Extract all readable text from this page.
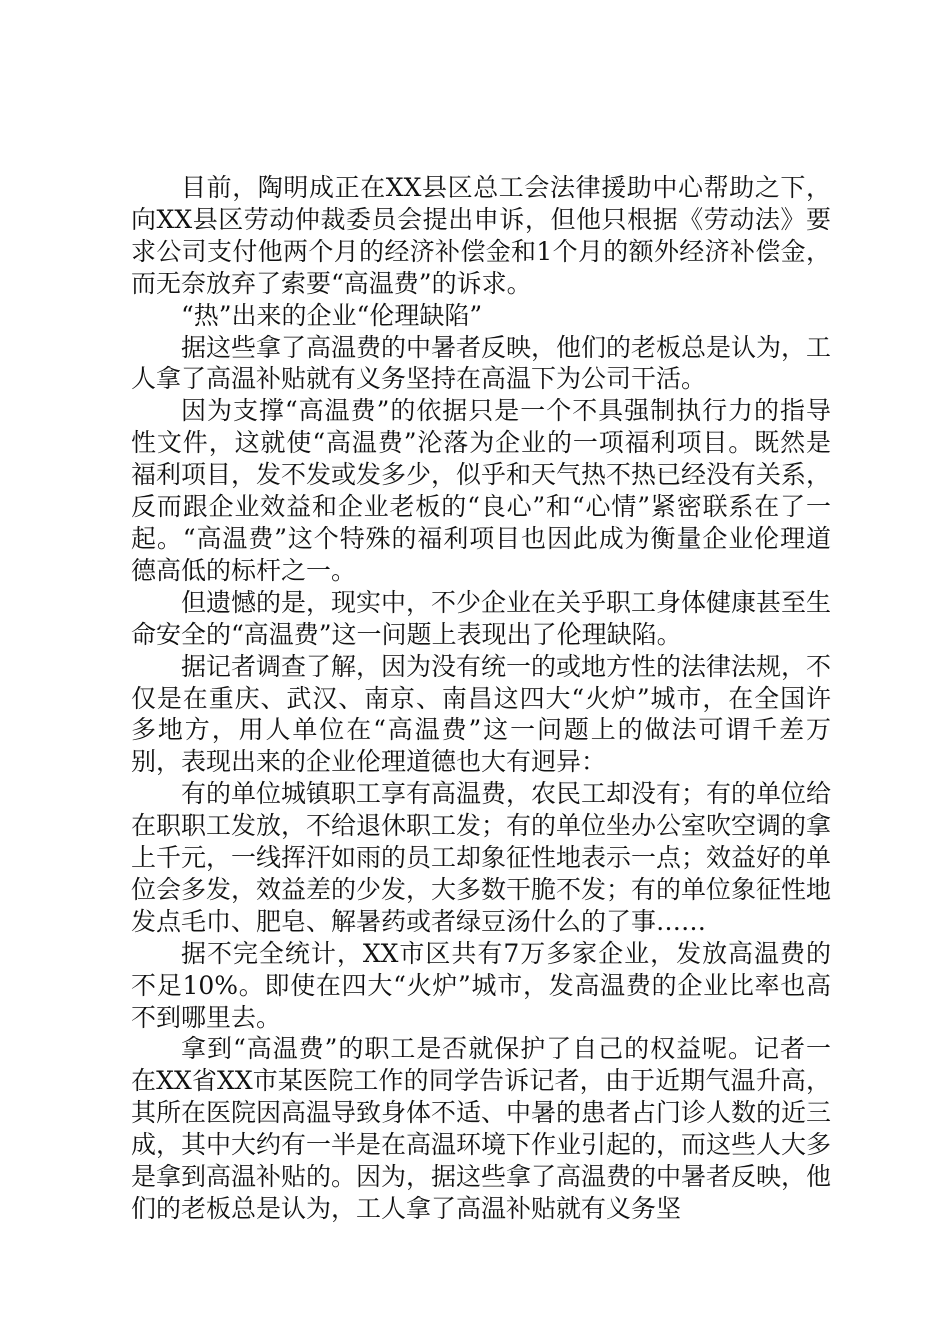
目前，陶明成正在XX县区总工会法律援助中心帮助之下，向XX县区劳动仲裁委员会提出申诉，但他只根据《劳动法》要求公司支付他两个月的经济补偿金和1个月的额外经济补偿金，而无奈放弃了索要“高温费”的诉求。

“热”出来的企业“伦理缺陷”

据这些拿了高温费的中暑者反映，他们的老板总是认为，工人拿了高温补贴就有义务坚持在高温下为公司干活。

因为支撑“高温费”的依据只是一个不具强制执行力的指导性文件，这就使“高温费”沦落为企业的一项福利项目。既然是福利项目，发不发或发多少，似乎和天气热不热已经没有关系，反而跟企业效益和企业老板的“良心”和“心情”紧密联系在了一起。“高温费”这个特殊的福利项目也因此成为衡量企业伦理道德高低的标杆之一。

但遗憾的是，现实中，不少企业在关乎职工身体健康甚至生命安全的“高温费”这一问题上表现出了伦理缺陷。

据记者调查了解，因为没有统一的或地方性的法律法规，不仅是在重庆、武汉、南京、南昌这四大“火炉”城市，在全国许多地方，用人单位在“高温费”这一问题上的做法可谓千差万别，表现出来的企业伦理道德也大有迥异：

有的单位城镇职工享有高温费，农民工却没有；有的单位给在职职工发放，不给退休职工发；有的单位坐办公室吹空调的拿上千元，一线挥汗如雨的员工却象征性地表示一点；效益好的单位会多发，效益差的少发，大多数干脆不发；有的单位象征性地发点毛巾、肥皂、解暑药或者绿豆汤什么的了事……

据不完全统计，XX市区共有7万多家企业，发放高温费的不足10%。即使在四大“火炉”城市，发高温费的企业比率也高不到哪里去。

拿到“高温费”的职工是否就保护了自己的权益呢。记者一在XX省XX市某医院工作的同学告诉记者，由于近期气温升高，其所在医院因高温导致身体不适、中暑的患者占门诊人数的近三成，其中大约有一半是在高温环境下作业引起的，而这些人大多是拿到高温补贴的。因为，据这些拿了高温费的中暑者反映，他们的老板总是认为，工人拿了高温补贴就有义务坚
